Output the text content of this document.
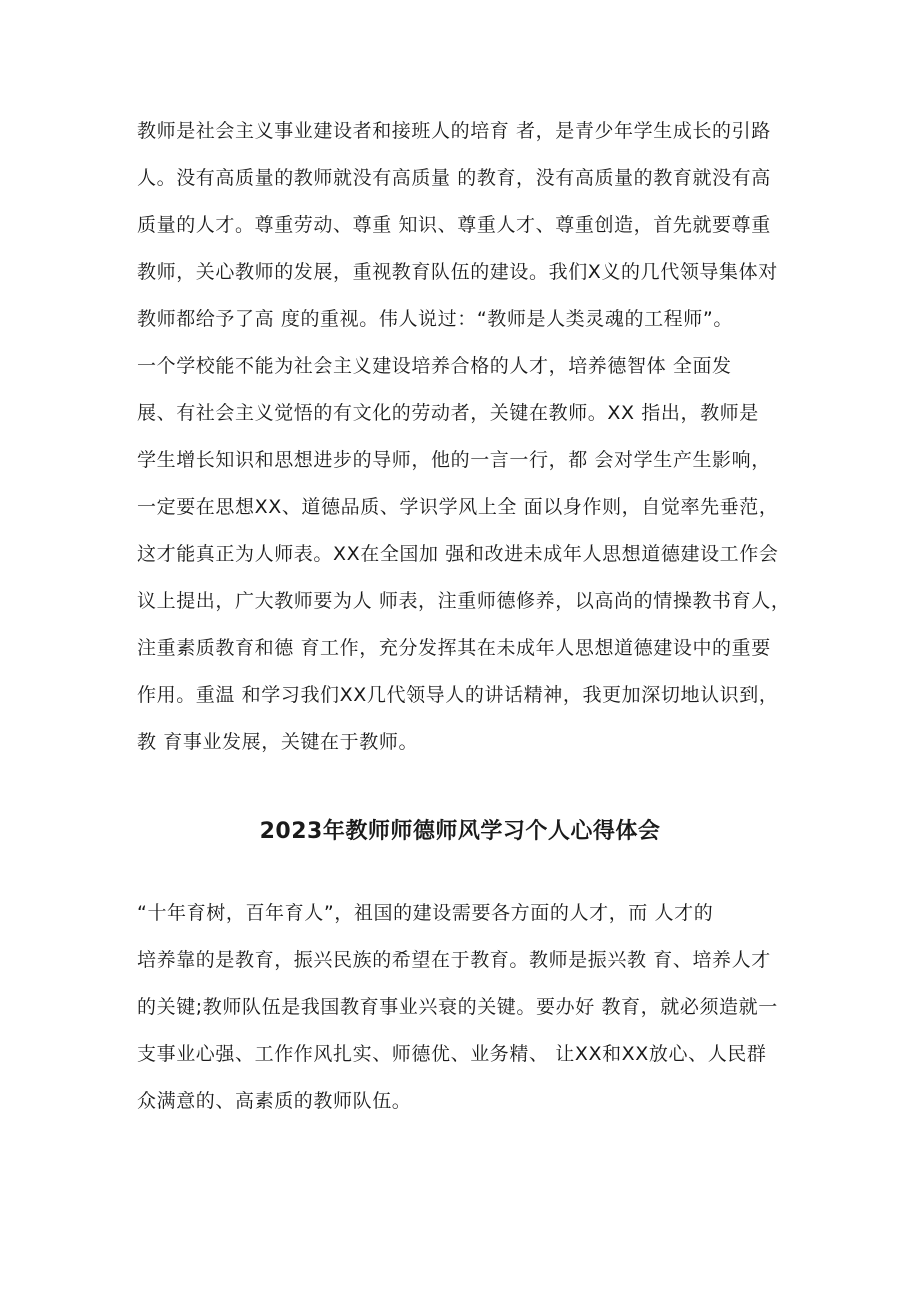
教师是社会主义事业建设者和接班人的培育 者，是青少年学生成长的引路
人。没有高质量的教师就没有高质量 的教育，没有高质量的教育就没有高
质量的人才。尊重劳动、尊重 知识、尊重人才、尊重创造，首先就要尊重
教师，关心教师的发展，重视教育队伍的建设。我们X义的几代领导集体对
教师都给予了高 度的重视。伟人说过：“教师是人类灵魂的工程师”。
一个学校能不能为社会主义建设培养合格的人才，培养德智体 全面发
展、有社会主义觉悟的有文化的劳动者，关键在教师。XX 指出，教师是
学生增长知识和思想进步的导师，他的一言一行，都 会对学生产生影响，
一定要在思想XX、道德品质、学识学风上全 面以身作则，自觉率先垂范，
这才能真正为人师表。XX在全国加 强和改进未成年人思想道德建设工作会
议上提出，广大教师要为人 师表，注重师德修养，以高尚的情操教书育人，
注重素质教育和德 育工作，充分发挥其在未成年人思想道德建设中的重要
作用。重温 和学习我们XX几代领导人的讲话精神，我更加深切地认识到，
教 育事业发展，关键在于教师。
2023年教师师德师风学习个人心得体会
“十年育树，百年育人”，祖国的建设需要各方面的人才，而 人才的
培养靠的是教育，振兴民族的希望在于教育。教师是振兴教 育、培养人才
的关键;教师队伍是我国教育事业兴衰的关键。要办好 教育，就必须造就一
支事业心强、工作作风扎实、师德优、业务精、 让XX和XX放心、人民群
众满意的、高素质的教师队伍。
